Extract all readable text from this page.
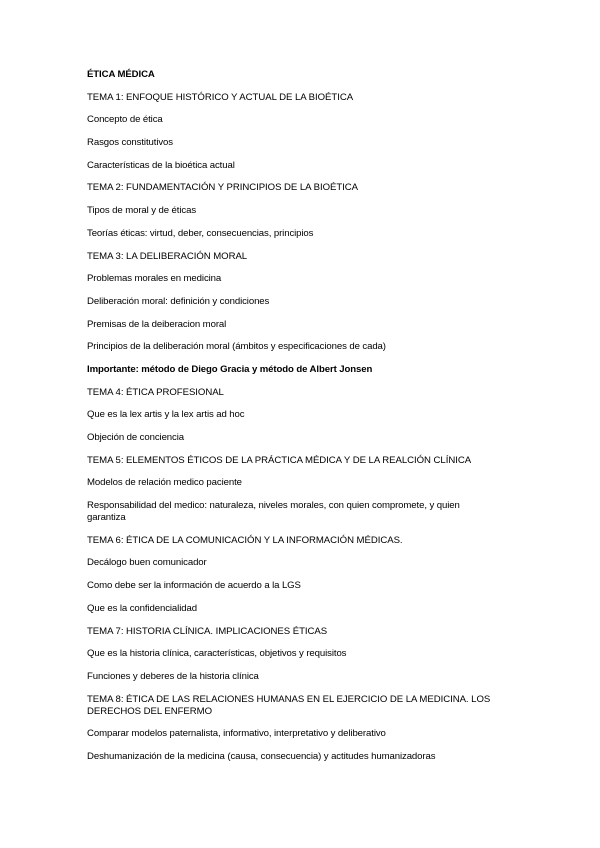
ÉTICA MÉDICA
TEMA 1: ENFOQUE HISTÓRICO Y ACTUAL DE LA BIOÉTICA
Concepto de ética
Rasgos constitutivos
Características de la bioética actual
TEMA 2: FUNDAMENTACIÓN Y PRINCIPIOS DE LA BIOÉTICA
Tipos de moral y de éticas
Teorías éticas: virtud, deber, consecuencias, principios
TEMA 3: LA DELIBERACIÓN MORAL
Problemas morales en medicina
Deliberación moral: definición y condiciones
Premisas de la deiberacion moral
Principios de la deliberación moral (ámbitos y especificaciones de cada)
Importante: método de Diego Gracia y método de Albert Jonsen
TEMA 4: ÉTICA PROFESIONAL
Que es la lex artis y la lex artis ad hoc
Objeción de conciencia
TEMA 5: ELEMENTOS ÉTICOS DE LA PRÁCTICA MÉDICA Y DE LA REALCIÓN CLÍNICA
Modelos de relación medico paciente
Responsabilidad del medico: naturaleza, niveles morales, con quien compromete, y quien garantiza
TEMA 6: ÉTICA DE LA COMUNICACIÓN Y LA INFORMACIÓN MÉDICAS.
Decálogo buen comunicador
Como debe ser la información de acuerdo a la LGS
Que es la confidencialidad
TEMA 7: HISTORIA CLÍNICA. IMPLICACIONES ÉTICAS
Que es la historia clínica, características, objetivos y requisitos
Funciones y deberes de la historia clínica
TEMA 8: ÉTICA DE LAS RELACIONES HUMANAS EN EL EJERCICIO DE LA MEDICINA. LOS DERECHOS DEL ENFERMO
Comparar modelos paternalista, informativo, interpretativo y deliberativo
Deshumanización de la medicina (causa, consecuencia) y actitudes humanizadoras
